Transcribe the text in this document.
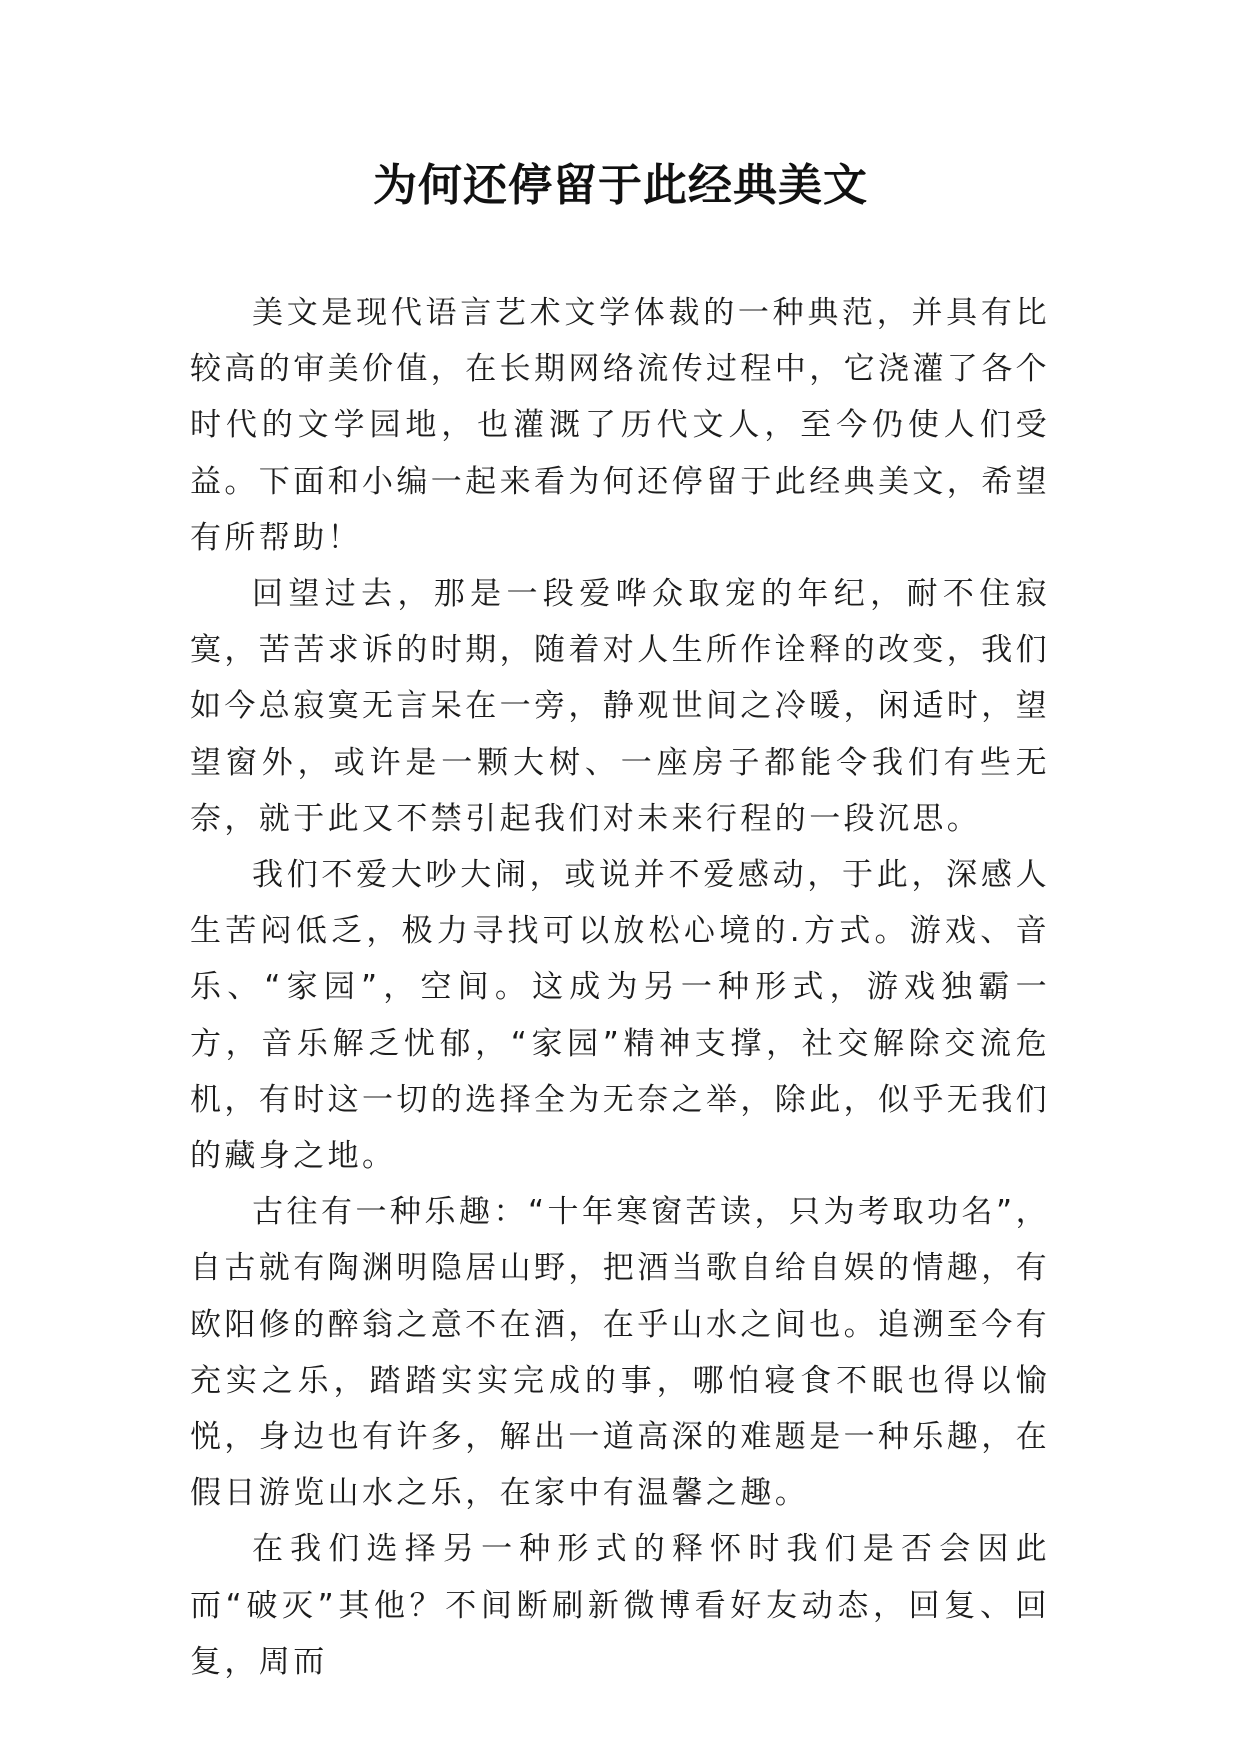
为何还停留于此经典美文

美文是现代语言艺术文学体裁的一种典范，并具有比较高的审美价值，在长期网络流传过程中，它浇灌了各个时代的文学园地，也灌溉了历代文人，至今仍使人们受益。下面和小编一起来看为何还停留于此经典美文，希望有所帮助！

回望过去，那是一段爱哗众取宠的年纪，耐不住寂寞，苦苦求诉的时期，随着对人生所作诠释的改变，我们如今总寂寞无言呆在一旁，静观世间之冷暖，闲适时，望望窗外，或许是一颗大树、一座房子都能令我们有些无奈，就于此又不禁引起我们对未来行程的一段沉思。

我们不爱大吵大闹，或说并不爱感动，于此，深感人生苦闷低乏，极力寻找可以放松心境的.方式。游戏、音乐、“家园”，空间。这成为另一种形式，游戏独霸一方，音乐解乏忧郁，“家园”精神支撑，社交解除交流危机，有时这一切的选择全为无奈之举，除此，似乎无我们的藏身之地。

古往有一种乐趣：“十年寒窗苦读，只为考取功名”，自古就有陶渊明隐居山野，把酒当歌自给自娱的情趣，有欧阳修的醉翁之意不在酒，在乎山水之间也。追溯至今有充实之乐，踏踏实实完成的事，哪怕寝食不眠也得以愉悦，身边也有许多，解出一道高深的难题是一种乐趣，在假日游览山水之乐，在家中有温馨之趣。

在我们选择另一种形式的释怀时我们是否会因此而“破灭”其他？不间断刷新微博看好友动态，回复、回复，周而
